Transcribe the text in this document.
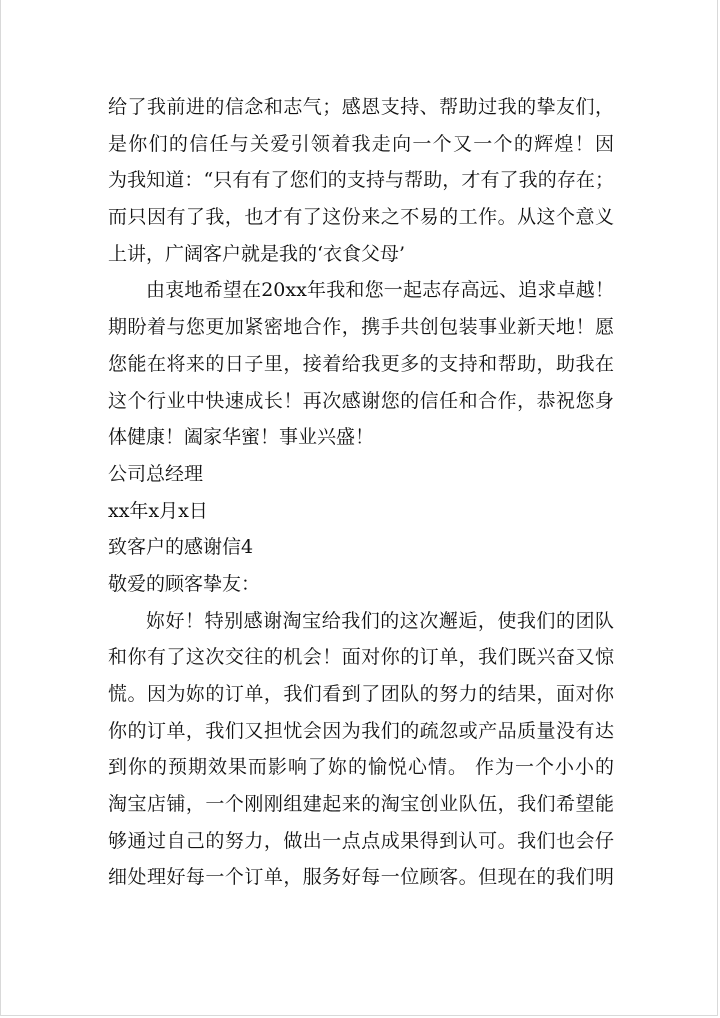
给了我前进的信念和志气；感恩支持、帮助过我的挚友们，
是你们的信任与关爱引领着我走向一个又一个的辉煌！因
为我知道：“只有有了您们的支持与帮助，才有了我的存在；
而只因有了我，也才有了这份来之不易的工作。从这个意义
上讲，广阔客户就是我的‘衣食父母’
由衷地希望在20xx年我和您一起志存高远、追求卓越！
期盼着与您更加紧密地合作，携手共创包装事业新天地！愿
您能在将来的日子里，接着给我更多的支持和帮助，助我在
这个行业中快速成长！再次感谢您的信任和合作，恭祝您身
体健康！阖家华蜜！事业兴盛！
公司总经理
xx年x月x日
致客户的感谢信4
敬爱的顾客挚友：
妳好！特别感谢淘宝给我们的这次邂逅，使我们的团队
和你有了这次交往的机会！面对你的订单，我们既兴奋又惊
慌。因为妳的订单，我们看到了团队的努力的结果，面对你
你的订单，我们又担忧会因为我们的疏忽或产品质量没有达
到你的预期效果而影响了妳的愉悦心情。 作为一个小小的
淘宝店铺，一个刚刚组建起来的淘宝创业队伍，我们希望能
够通过自己的努力，做出一点点成果得到认可。我们也会仔
细处理好每一个订单，服务好每一位顾客。但现在的我们明
